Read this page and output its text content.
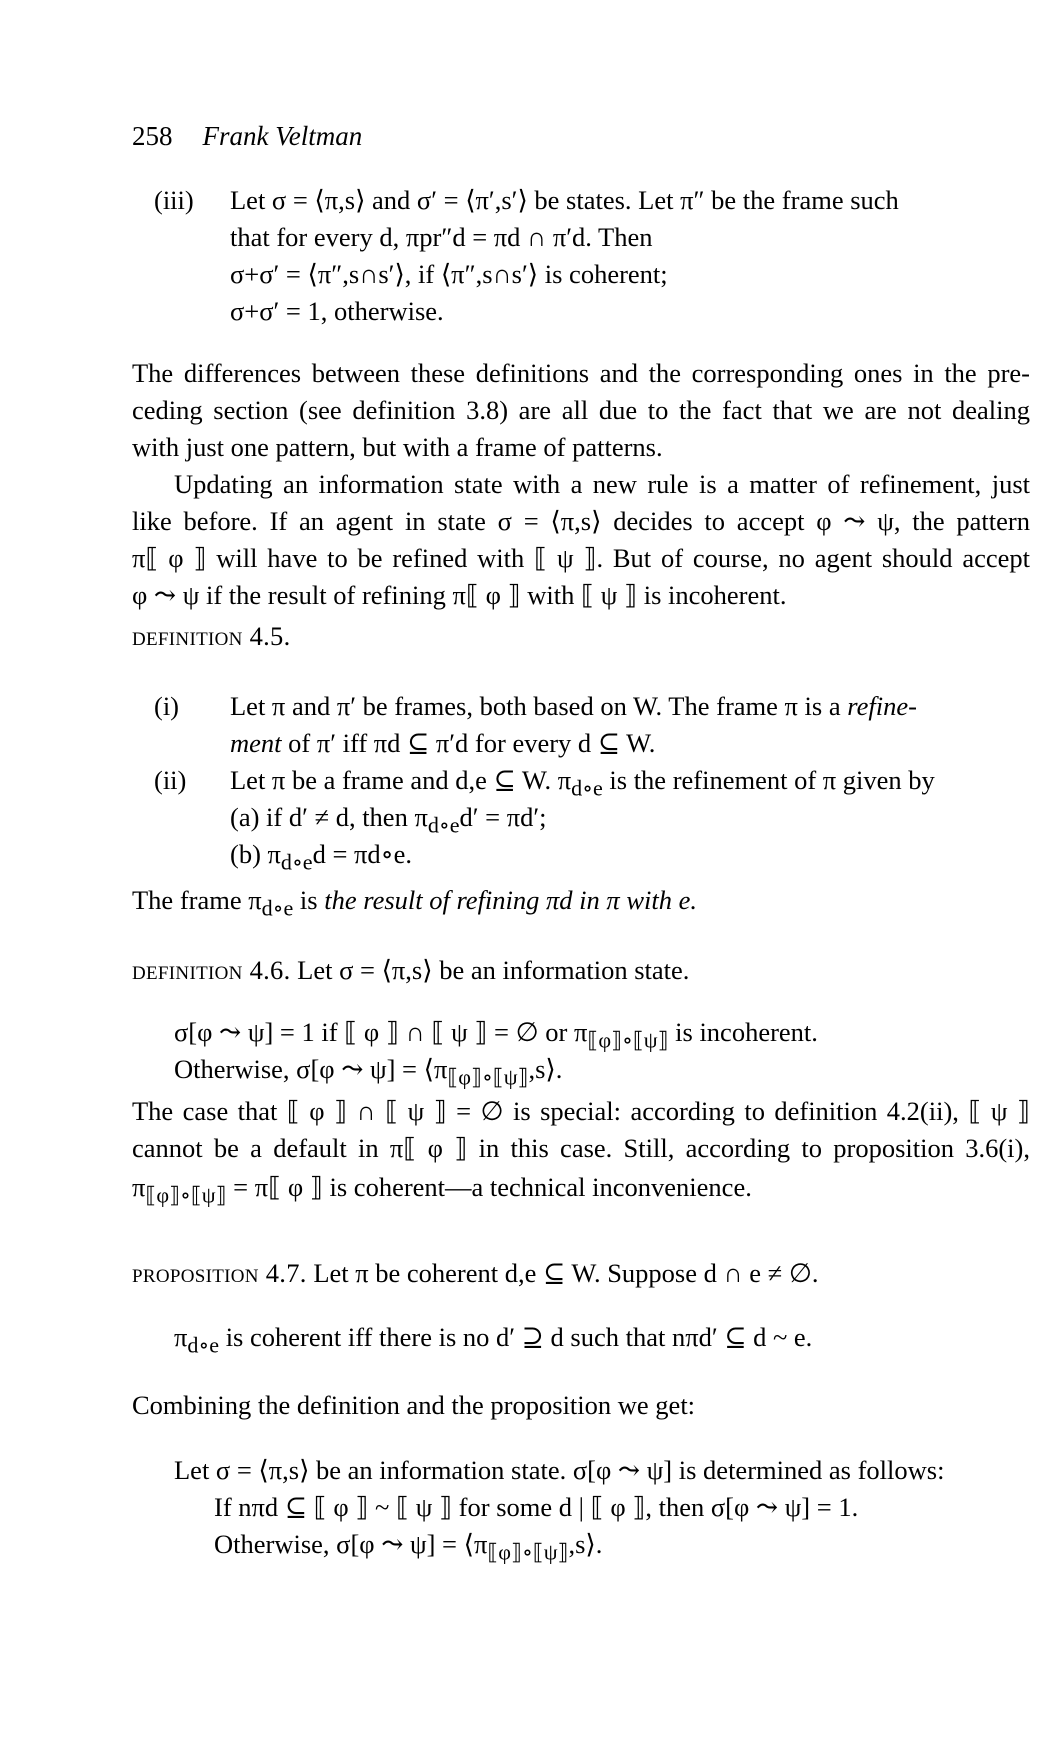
258 Frank Veltman
(iii) Let σ = ⟨π,s⟩ and σ′ = ⟨π′,s′⟩ be states. Let π″ be the frame such
that for every d, πpr″d = πd ∩ π′d. Then
σ+σ′ = ⟨π″,s∩s′⟩, if ⟨π″,s∩s′⟩ is coherent;
σ+σ′ = 1, otherwise.
The differences between these definitions and the corresponding ones in the pre-
ceding section (see definition 3.8) are all due to the fact that we are not dealing
with just one pattern, but with a frame of patterns.
Updating an information state with a new rule is a matter of refinement, just
like before. If an agent in state σ = ⟨π,s⟩ decides to accept φ ⤳ ψ, the pattern
π⟦ φ ⟧ will have to be refined with ⟦ ψ ⟧. But of course, no agent should accept
φ ⤳ ψ if the result of refining π⟦ φ ⟧ with ⟦ ψ ⟧ is incoherent.
definition 4.5.
(i) Let π and π′ be frames, both based on W. The frame π is a refine-
ment of π′ iff πd ⊆ π′d for every d ⊆ W.
(ii) Let π be a frame and d,e ⊆ W. $\pi_{d\circ e}$ is the refinement of π given by
(a) if d′ ≠ d, then $\pi_{d\circ e}d' = \pi d'$;
(b) $\pi_{d\circ e}d$ = πd∘e.
The frame $\pi_{d\circ e}$ is the result of refining πd in π with e.
definition 4.6. Let σ = ⟨π,s⟩ be an information state.
σ[φ ⤳ ψ] = 1 if ⟦ φ ⟧ ∩ ⟦ ψ ⟧ = ∅ or $\pi_{⟦\varphi⟧\circ⟦\psi⟧}$ is incoherent.
Otherwise, σ[φ ⤳ $\psi] = ⟨\pi_{⟦\varphi⟧\circ⟦\psi⟧},s⟩$.
The case that ⟦ φ ⟧ ∩ ⟦ ψ ⟧ = ∅ is special: according to definition 4.2(ii), ⟦ ψ ⟧
cannot be a default in π⟦ φ ⟧ in this case. Still, according to proposition 3.6(i),
$\pi_{⟦\varphi⟧\circ⟦\psi⟧}$ = π⟦ φ ⟧ is coherent—a technical inconvenience.
proposition 4.7. Let π be coherent d,e ⊆ W. Suppose d ∩ e ≠ ∅.
$\pi_{d\circ e}$ is coherent iff there is no d′ ⊇ d such that nπd′ ⊆ d ~ e.
Combining the definition and the proposition we get:
Let σ = ⟨π,s⟩ be an information state. σ[φ ⤳ ψ] is determined as follows:
If nπd ⊆ ⟦ φ ⟧ ~ ⟦ ψ ⟧ for some d | ⟦ φ ⟧, then σ[φ ⤳ ψ] = 1.
Otherwise, σ[φ ⤳ $\psi] = ⟨\pi_{⟦\varphi⟧\circ⟦\psi⟧},s⟩$.
